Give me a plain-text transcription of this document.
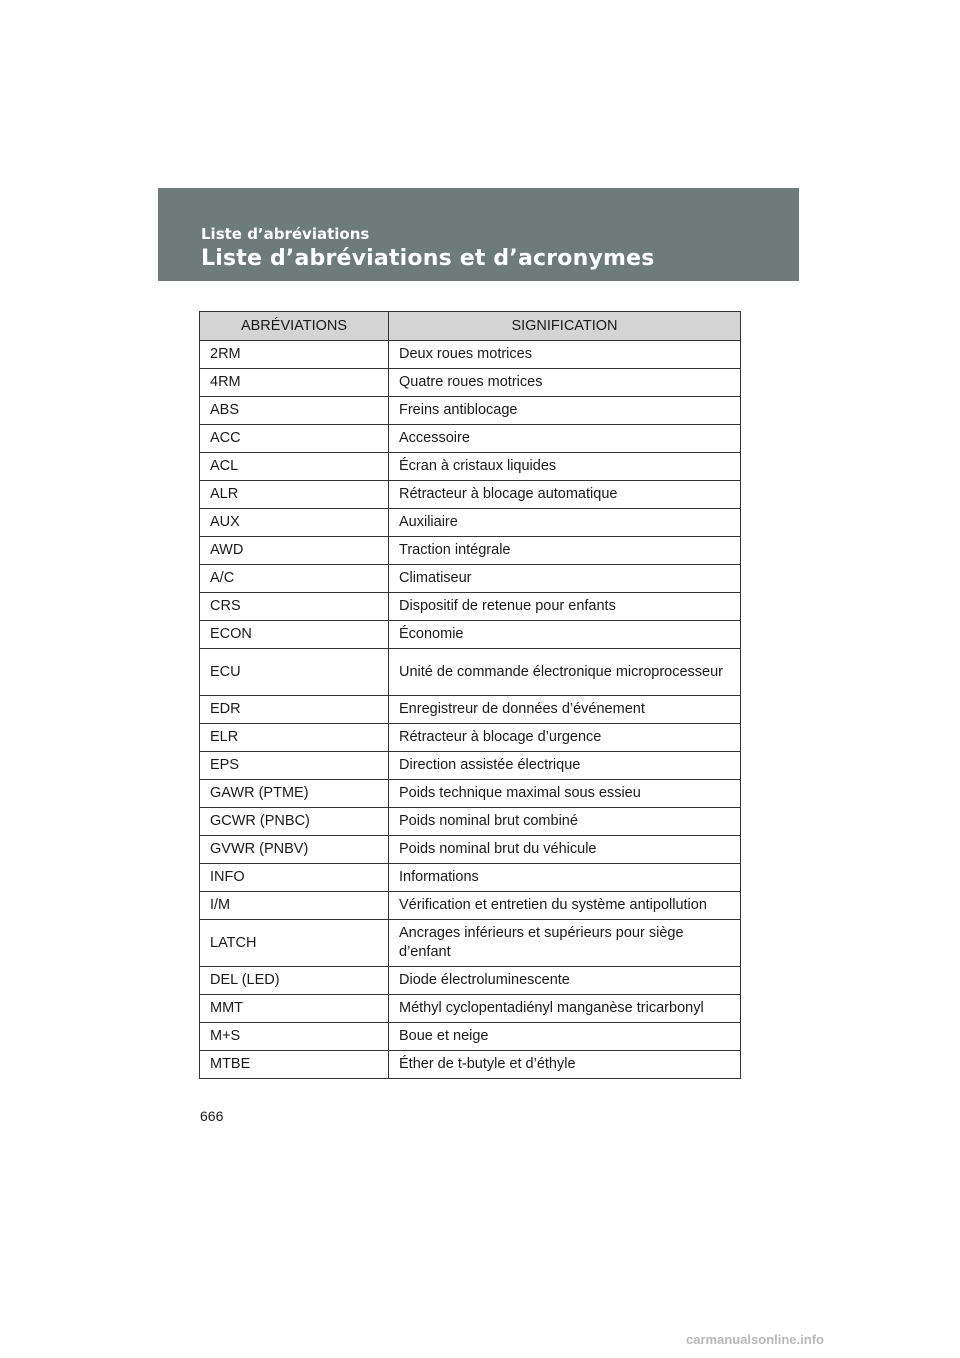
Liste d’abréviations
Liste d’abréviations et d’acronymes
ABRÉVIATIONS	SIGNIFICATION
2RM	Deux roues motrices
4RM	Quatre roues motrices
ABS	Freins antiblocage
ACC	Accessoire
ACL	Écran à cristaux liquides
ALR	Rétracteur à blocage automatique
AUX	Auxiliaire
AWD	Traction intégrale
A/C	Climatiseur
CRS	Dispositif de retenue pour enfants
ECON	Économie
ECU	Unité de commande électronique microprocesseur
EDR	Enregistreur de données d’événement
ELR	Rétracteur à blocage d’urgence
EPS	Direction assistée électrique
GAWR (PTME)	Poids technique maximal sous essieu
GCWR (PNBC)	Poids nominal brut combiné
GVWR (PNBV)	Poids nominal brut du véhicule
INFO	Informations
I/M	Vérification et entretien du système antipollution
LATCH	Ancrages inférieurs et supérieurs pour siège d’enfant
DEL (LED)	Diode électroluminescente
MMT	Méthyl cyclopentadiényl manganèse tricarbonyl
M+S	Boue et neige
MTBE	Éther de t-butyle et d’éthyle
666
carmanualsonline.info
